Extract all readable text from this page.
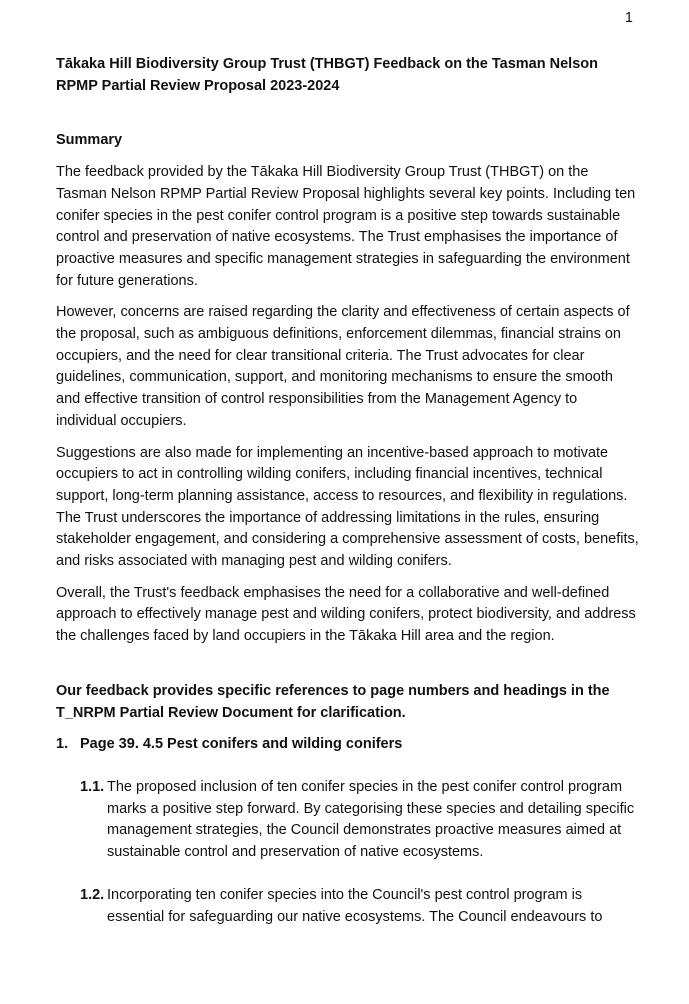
1

Tākaka Hill Biodiversity Group Trust (THBGT) Feedback on the Tasman Nelson RPMP Partial Review Proposal 2023-2024

Summary

The feedback provided by the Tākaka Hill Biodiversity Group Trust (THBGT) on the Tasman Nelson RPMP Partial Review Proposal highlights several key points. Including ten conifer species in the pest conifer control program is a positive step towards sustainable control and preservation of native ecosystems. The Trust emphasises the importance of proactive measures and specific management strategies in safeguarding the environment for future generations.

However, concerns are raised regarding the clarity and effectiveness of certain aspects of the proposal, such as ambiguous definitions, enforcement dilemmas, financial strains on occupiers, and the need for clear transitional criteria. The Trust advocates for clear guidelines, communication, support, and monitoring mechanisms to ensure the smooth and effective transition of control responsibilities from the Management Agency to individual occupiers.

Suggestions are also made for implementing an incentive-based approach to motivate occupiers to act in controlling wilding conifers, including financial incentives, technical support, long-term planning assistance, access to resources, and flexibility in regulations. The Trust underscores the importance of addressing limitations in the rules, ensuring stakeholder engagement, and considering a comprehensive assessment of costs, benefits, and risks associated with managing pest and wilding conifers.

Overall, the Trust's feedback emphasises the need for a collaborative and well-defined approach to effectively manage pest and wilding conifers, protect biodiversity, and address the challenges faced by land occupiers in the Tākaka Hill area and the region.

Our feedback provides specific references to page numbers and headings in the T_NRPM Partial Review Document for clarification.

1. Page 39. 4.5 Pest conifers and wilding conifers
1.1. The proposed inclusion of ten conifer species in the pest conifer control program marks a positive step forward. By categorising these species and detailing specific management strategies, the Council demonstrates proactive measures aimed at sustainable control and preservation of native ecosystems.
1.2. Incorporating ten conifer species into the Council's pest control program is essential for safeguarding our native ecosystems. The Council endeavours to
